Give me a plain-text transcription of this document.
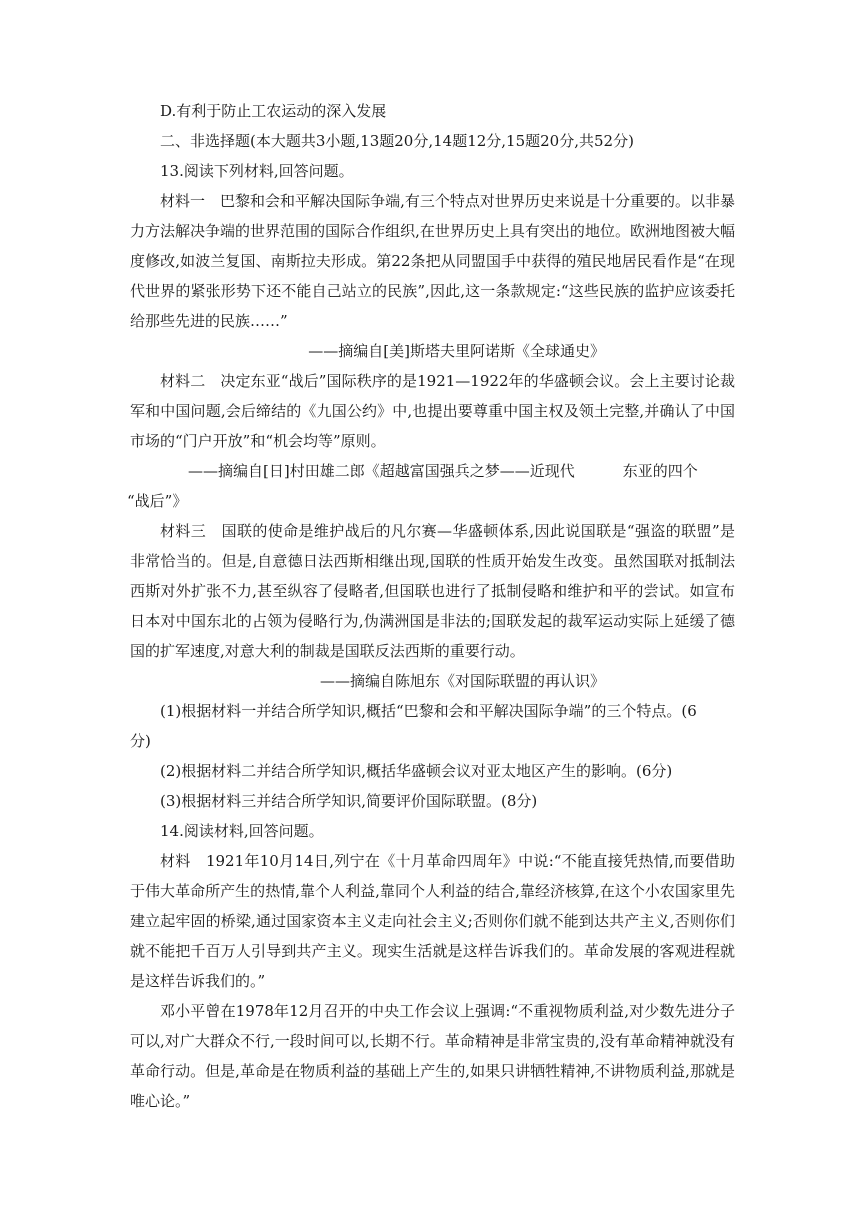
D.有利于防止工农运动的深入发展
二、非选择题(本大题共3小题,13题20分,14题12分,15题20分,共52分)
13.阅读下列材料,回答问题。

材料一　巴黎和会和平解决国际争端,有三个特点对世界历史来说是十分重要的。以非暴力方法解决争端的世界范围的国际合作组织,在世界历史上具有突出的地位。欧洲地图被大幅度修改,如波兰复国、南斯拉夫形成。第22条把从同盟国手中获得的殖民地居民看作是“在现代世界的紧张形势下还不能自己站立的民族”,因此,这一条款规定:“这些民族的监护应该委托给那些先进的民族……”

——摘编自[美]斯塔夫里阿诺斯《全球通史》

材料二　决定东亚“战后”国际秩序的是1921—1922年的华盛顿会议。会上主要讨论裁军和中国问题,会后缔结的《九国公约》中,也提出要尊重中国主权及领土完整,并确认了中国市场的“门户开放”和“机会均等”原则。

——摘编自[日]村田雄二郎《超越富国强兵之梦——近现代	东亚的四个
“战后”》

材料三　国联的使命是维护战后的凡尔赛—华盛顿体系,因此说国联是“强盗的联盟”是非常恰当的。但是,自意德日法西斯相继出现,国联的性质开始发生改变。虽然国联对抵制法西斯对外扩张不力,甚至纵容了侵略者,但国联也进行了抵制侵略和维护和平的尝试。如宣布日本对中国东北的占领为侵略行为,伪满洲国是非法的;国联发起的裁军运动实际上延缓了德国的扩军速度,对意大利的制裁是国联反法西斯的重要行动。

——摘编自陈旭东《对国际联盟的再认识》
(1)根据材料一并结合所学知识,概括“巴黎和会和平解决国际争端”的三个特点。(6
分)
(2)根据材料二并结合所学知识,概括华盛顿会议对亚太地区产生的影响。(6分)
(3)根据材料三并结合所学知识,简要评价国际联盟。(8分)
14.阅读材料,回答问题。

材料　1921年10月14日,列宁在《十月革命四周年》中说:“不能直接凭热情,而要借助于伟大革命所产生的热情,靠个人利益,靠同个人利益的结合,靠经济核算,在这个小农国家里先建立起牢固的桥梁,通过国家资本主义走向社会主义;否则你们就不能到达共产主义,否则你们就不能把千百万人引导到共产主义。现实生活就是这样告诉我们的。革命发展的客观进程就是这样告诉我们的。”

邓小平曾在1978年12月召开的中央工作会议上强调:“不重视物质利益,对少数先进分子可以,对广大群众不行,一段时间可以,长期不行。革命精神是非常宝贵的,没有革命精神就没有革命行动。但是,革命是在物质利益的基础上产生的,如果只讲牺牲精神,不讲物质利益,那就是唯心论。”
